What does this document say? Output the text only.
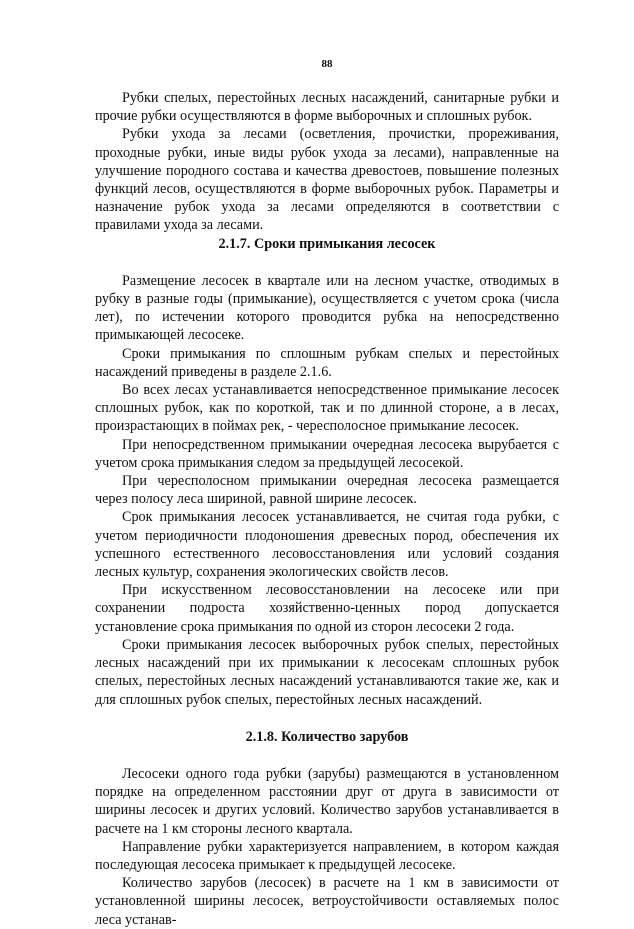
88

Рубки спелых, перестойных лесных насаждений, санитарные рубки и прочие рубки осуществляются в форме выборочных и сплошных рубок.

Рубки ухода за лесами (осветления, прочистки, прореживания, проходные рубки, иные виды рубок ухода за лесами), направленные на улучшение породного состава и качества древостоев, повышение полезных функций лесов, осуществляются в форме выборочных рубок. Параметры и назначение рубок ухода за лесами определяются в соответствии с правилами ухода за лесами.

2.1.7. Сроки примыкания лесосек

Размещение лесосек в квартале или на лесном участке, отводимых в рубку в разные годы (примыкание), осуществляется с учетом срока (числа лет), по истечении которого проводится рубка на непосредственно примыкающей лесосеке.

Сроки примыкания по сплошным рубкам спелых и перестойных насаждений приведены в разделе 2.1.6.

Во всех лесах устанавливается непосредственное примыкание лесосек сплошных рубок, как по короткой, так и по длинной стороне, а в лесах, произрастающих в поймах рек, - чересполосное примыкание лесосек.

При непосредственном примыкании очередная лесосека вырубается с учетом срока примыкания следом за предыдущей лесосекой.

При чересполосном примыкании очередная лесосека размещается через полосу леса шириной, равной ширине лесосек.

Срок примыкания лесосек устанавливается, не считая года рубки, с учетом периодичности плодоношения древесных пород, обеспечения их успешного естественного лесовосстановления или условий создания лесных культур, сохранения экологических свойств лесов.

При искусственном лесовосстановлении на лесосеке или при сохранении подроста хозяйственно-ценных пород допускается установление срока примыкания по одной из сторон лесосеки 2 года.

Сроки примыкания лесосек выборочных рубок спелых, перестойных лесных насаждений при их примыкании к лесосекам сплошных рубок спелых, перестойных лесных насаждений устанавливаются такие же, как и для сплошных рубок спелых, перестойных лесных насаждений.

2.1.8. Количество зарубов

Лесосеки одного года рубки (зарубы) размещаются в установленном порядке на определенном расстоянии друг от друга в зависимости от ширины лесосек и других условий. Количество зарубов устанавливается в расчете на 1 км стороны лесного квартала.

Направление рубки характеризуется направлением, в котором каждая последующая лесосека примыкает к предыдущей лесосеке.

Количество зарубов (лесосек) в расчете на 1 км в зависимости от установленной ширины лесосек, ветроустойчивости оставляемых полос леса устанав-
